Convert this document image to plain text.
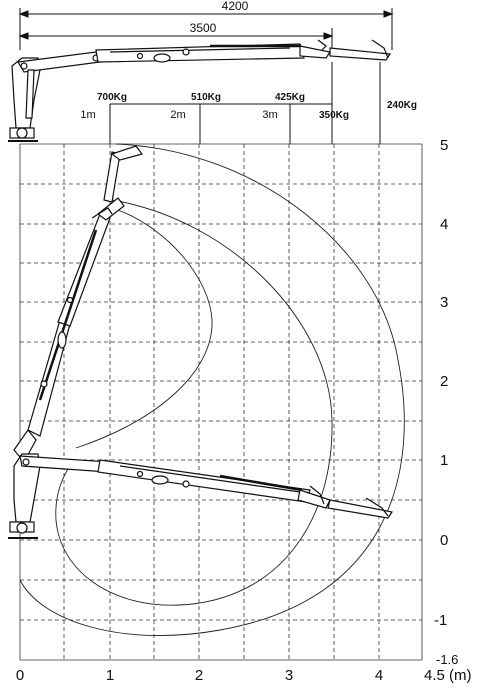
4200
3500
700Kg
1m
510Kg
2m
425Kg
3m	350Kg
240Kg
0	1	2	3	4	4.5 (m)
5
4
3
2
1
0
-1
-1.6
